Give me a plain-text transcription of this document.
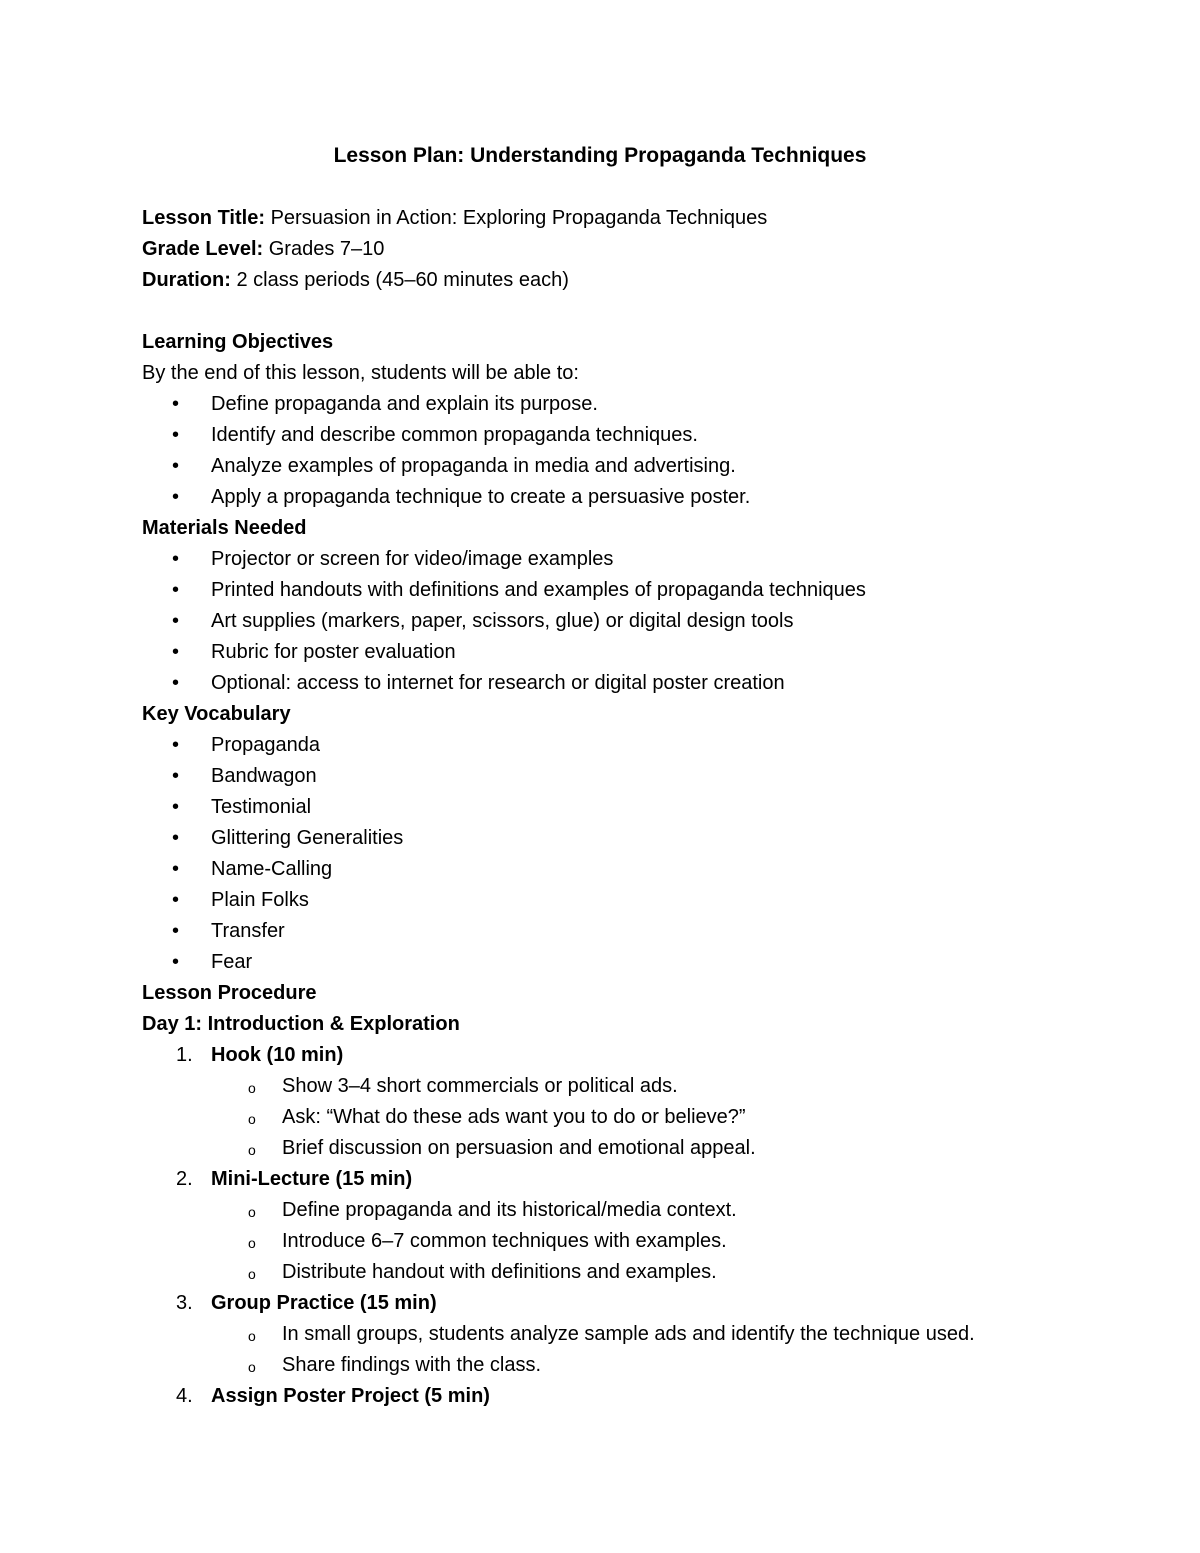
Lesson Plan: Understanding Propaganda Techniques
Lesson Title: Persuasion in Action: Exploring Propaganda Techniques
Grade Level: Grades 7–10
Duration: 2 class periods (45–60 minutes each)
Learning Objectives
By the end of this lesson, students will be able to:
• Define propaganda and explain its purpose.
• Identify and describe common propaganda techniques.
• Analyze examples of propaganda in media and advertising.
• Apply a propaganda technique to create a persuasive poster.
Materials Needed
• Projector or screen for video/image examples
• Printed handouts with definitions and examples of propaganda techniques
• Art supplies (markers, paper, scissors, glue) or digital design tools
• Rubric for poster evaluation
• Optional: access to internet for research or digital poster creation
Key Vocabulary
• Propaganda
• Bandwagon
• Testimonial
• Glittering Generalities
• Name-Calling
• Plain Folks
• Transfer
• Fear
Lesson Procedure
Day 1: Introduction & Exploration
1. Hook (10 min)
o Show 3–4 short commercials or political ads.
o Ask: “What do these ads want you to do or believe?”
o Brief discussion on persuasion and emotional appeal.
2. Mini-Lecture (15 min)
o Define propaganda and its historical/media context.
o Introduce 6–7 common techniques with examples.
o Distribute handout with definitions and examples.
3. Group Practice (15 min)
o In small groups, students analyze sample ads and identify the technique used.
o Share findings with the class.
4. Assign Poster Project (5 min)
